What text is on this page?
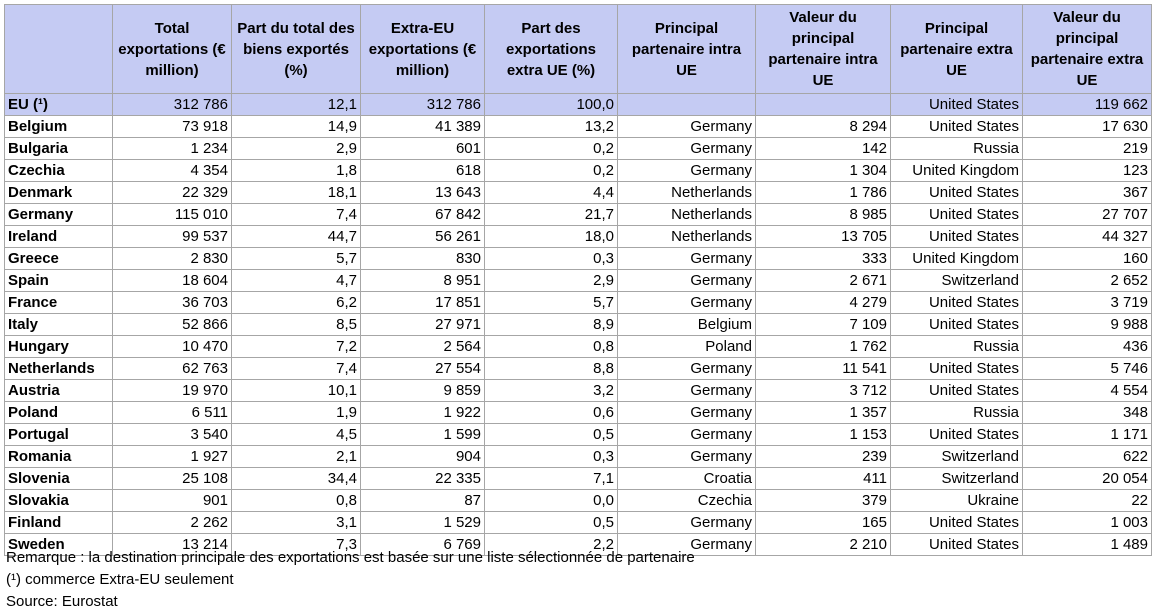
	Total exportations (€ million)	Part du total des biens exportés (%)	Extra-EU exportations (€ million)	Part des exportations extra UE (%)	Principal partenaire intra UE	Valeur du principal partenaire intra UE	Principal partenaire extra UE	Valeur du principal partenaire extra UE
EU (¹)	312 786	12,1	312 786	100,0			United States	119 662
Belgium	73 918	14,9	41 389	13,2	Germany	8 294	United States	17 630
Bulgaria	1 234	2,9	601	0,2	Germany	142	Russia	219
Czechia	4 354	1,8	618	0,2	Germany	1 304	United Kingdom	123
Denmark	22 329	18,1	13 643	4,4	Netherlands	1 786	United States	367
Germany	115 010	7,4	67 842	21,7	Netherlands	8 985	United States	27 707
Ireland	99 537	44,7	56 261	18,0	Netherlands	13 705	United States	44 327
Greece	2 830	5,7	830	0,3	Germany	333	United Kingdom	160
Spain	18 604	4,7	8 951	2,9	Germany	2 671	Switzerland	2 652
France	36 703	6,2	17 851	5,7	Germany	4 279	United States	3 719
Italy	52 866	8,5	27 971	8,9	Belgium	7 109	United States	9 988
Hungary	10 470	7,2	2 564	0,8	Poland	1 762	Russia	436
Netherlands	62 763	7,4	27 554	8,8	Germany	11 541	United States	5 746
Austria	19 970	10,1	9 859	3,2	Germany	3 712	United States	4 554
Poland	6 511	1,9	1 922	0,6	Germany	1 357	Russia	348
Portugal	3 540	4,5	1 599	0,5	Germany	1 153	United States	1 171
Romania	1 927	2,1	904	0,3	Germany	239	Switzerland	622
Slovenia	25 108	34,4	22 335	7,1	Croatia	411	Switzerland	20 054
Slovakia	901	0,8	87	0,0	Czechia	379	Ukraine	22
Finland	2 262	3,1	1 529	0,5	Germany	165	United States	1 003
Sweden	13 214	7,3	6 769	2,2	Germany	2 210	United States	1 489
Remarque : la destination principale des exportations est basée sur une liste sélectionnée de partenaire
(¹) commerce Extra-EU seulement
Source: Eurostat
